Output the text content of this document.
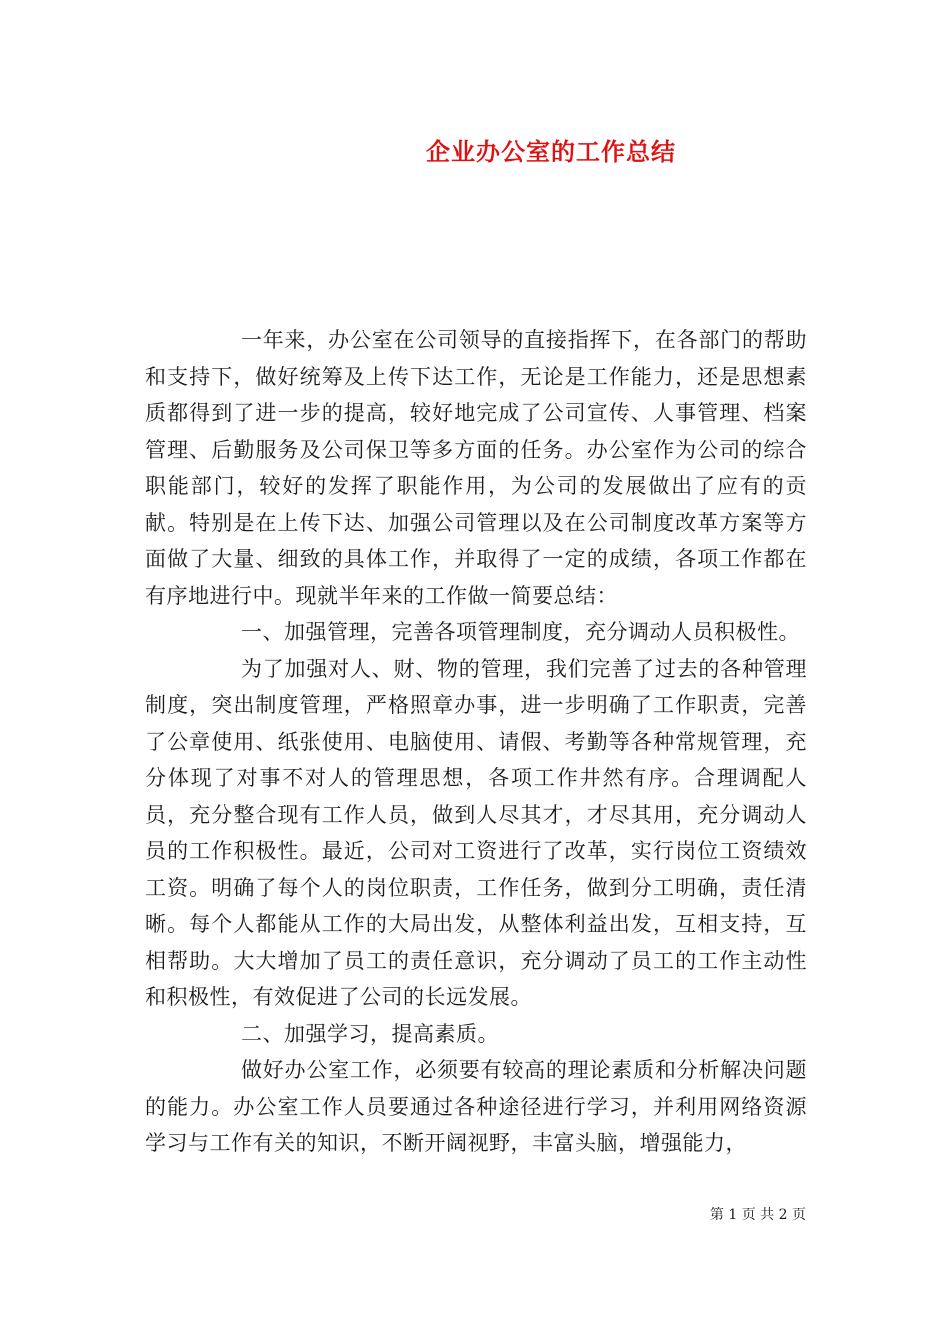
企业办公室的工作总结

一年来，办公室在公司领导的直接指挥下，在各部门的帮助和支持下，做好统筹及上传下达工作，无论是工作能力，还是思想素质都得到了进一步的提高，较好地完成了公司宣传、人事管理、档案管理、后勤服务及公司保卫等多方面的任务。办公室作为公司的综合职能部门，较好的发挥了职能作用，为公司的发展做出了应有的贡献。特别是在上传下达、加强公司管理以及在公司制度改革方案等方面做了大量、细致的具体工作，并取得了一定的成绩，各项工作都在有序地进行中。现就半年来的工作做一简要总结：

一、加强管理，完善各项管理制度，充分调动人员积极性。

为了加强对人、财、物的管理，我们完善了过去的各种管理制度，突出制度管理，严格照章办事，进一步明确了工作职责，完善了公章使用、纸张使用、电脑使用、请假、考勤等各种常规管理，充分体现了对事不对人的管理思想，各项工作井然有序。合理调配人员，充分整合现有工作人员，做到人尽其才，才尽其用，充分调动人员的工作积极性。最近，公司对工资进行了改革，实行岗位工资绩效工资。明确了每个人的岗位职责，工作任务，做到分工明确，责任清晰。每个人都能从工作的大局出发，从整体利益出发，互相支持，互相帮助。大大增加了员工的责任意识，充分调动了员工的工作主动性和积极性，有效促进了公司的长远发展。

二、加强学习，提高素质。

做好办公室工作，必须要有较高的理论素质和分析解决问题的能力。办公室工作人员要通过各种途径进行学习，并利用网络资源学习与工作有关的知识，不断开阔视野，丰富头脑，增强能力，

第 1 页 共 2 页
